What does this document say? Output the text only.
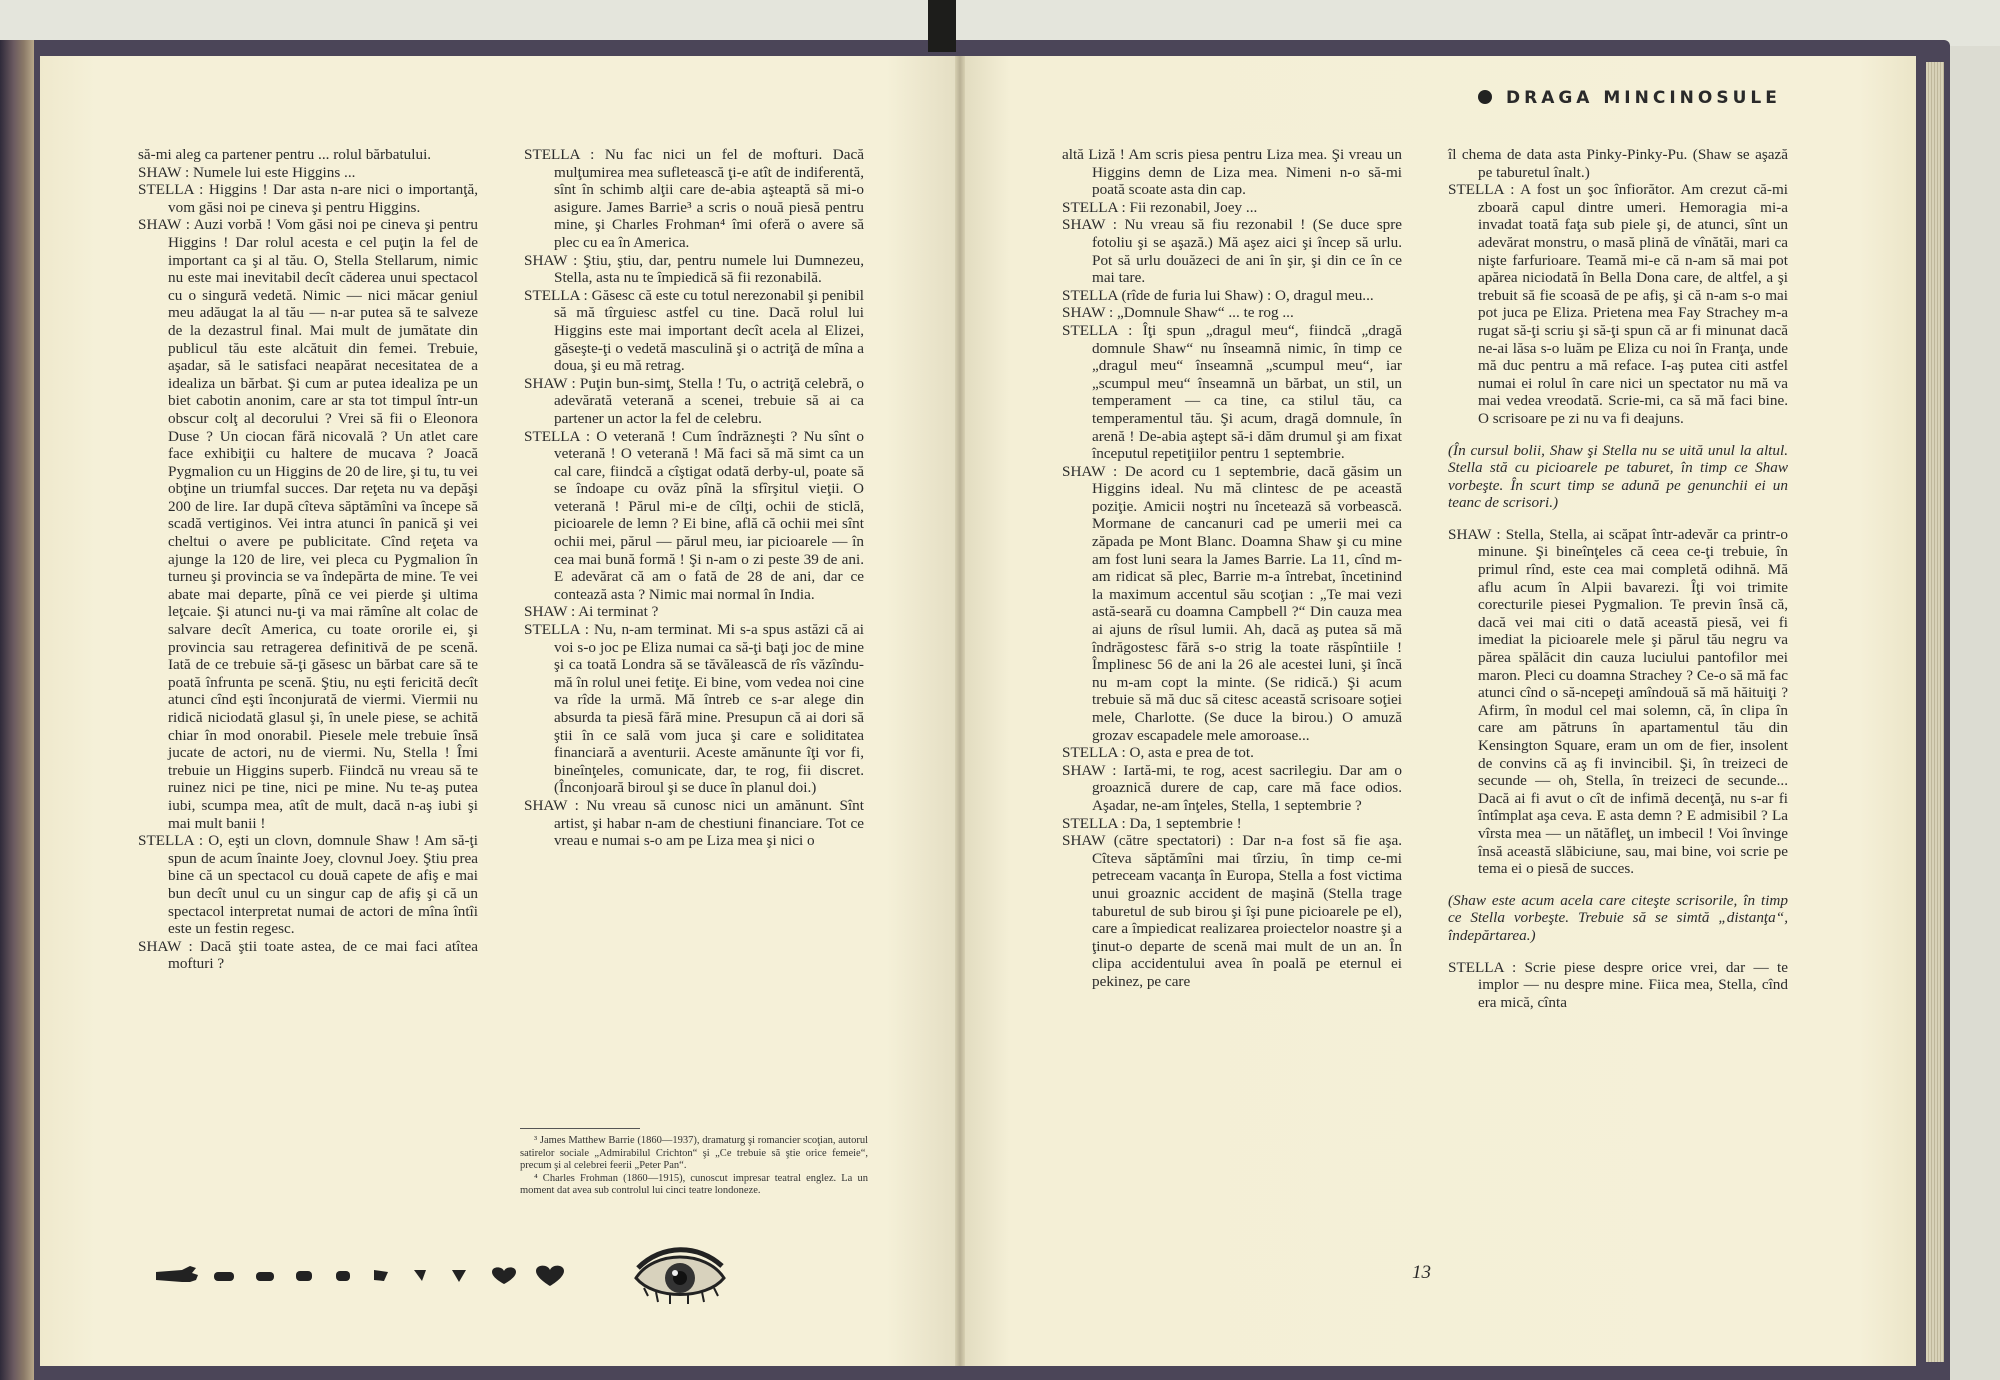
DRAGA MINCINOSULE

să-mi aleg ca partener pentru ... rolul bărbatului.

SHAW : Numele lui este Higgins ...

STELLA : Higgins ! Dar asta n-are nici o importanţă, vom găsi noi pe cineva şi pentru Higgins.

SHAW : Auzi vorbă ! Vom găsi noi pe cineva şi pentru Higgins ! Dar rolul acesta e cel puţin la fel de important ca şi al tău. O, Stella Stellarum, nimic nu este mai inevitabil decît căderea unui spectacol cu o singură vedetă. Nimic — nici măcar geniul meu adăugat la al tău — n-ar putea să te salveze de la dezastrul final. Mai mult de jumătate din publicul tău este alcătuit din femei. Trebuie, aşadar, să le satisfaci neapărat necesitatea de a idealiza un bărbat. Şi cum ar putea idealiza pe un biet cabotin anonim, care ar sta tot timpul într-un obscur colţ al decorului ? Vrei să fii o Eleonora Duse ? Un ciocan fără nicovală ? Un atlet care face exhibiţii cu haltere de mucava ? Joacă Pygmalion cu un Higgins de 20 de lire, şi tu, tu vei obţine un triumfal succes. Dar reţeta nu va depăşi 200 de lire. Iar după cîteva săptămîni va începe să scadă vertiginos. Vei intra atunci în panică şi vei cheltui o avere pe publicitate. Cînd reţeta va ajunge la 120 de lire, vei pleca cu Pygmalion în turneu şi provincia se va îndepărta de mine. Te vei abate mai departe, pînă ce vei pierde şi ultima leţcaie. Şi atunci nu-ţi va mai rămîne alt colac de salvare decît America, cu toate ororile ei, şi provincia sau retragerea definitivă de pe scenă. Iată de ce trebuie să-ţi găsesc un bărbat care să te poată înfrunta pe scenă. Ştiu, nu eşti fericită decît atunci cînd eşti înconjurată de viermi. Viermii nu ridică niciodată glasul şi, în unele piese, se achită chiar în mod onorabil. Piesele mele trebuie însă jucate de actori, nu de viermi. Nu, Stella ! Îmi trebuie un Higgins superb. Fiindcă nu vreau să te ruinez nici pe tine, nici pe mine. Nu te-aş putea iubi, scumpa mea, atît de mult, dacă n-aş iubi şi mai mult banii !

STELLA : O, eşti un clovn, domnule Shaw ! Am să-ţi spun de acum înainte Joey, clovnul Joey. Ştiu prea bine că un spectacol cu două capete de afiş e mai bun decît unul cu un singur cap de afiş şi că un spectacol interpretat numai de actori de mîna întîi este un festin regesc.

SHAW : Dacă ştii toate astea, de ce mai faci atîtea mofturi ?

STELLA : Nu fac nici un fel de mofturi. Dacă mulţumirea mea sufletească ţi-e atît de indiferentă, sînt în schimb alţii care de-abia aşteaptă să mi-o asigure. James Barrie³ a scris o nouă piesă pentru mine, şi Charles Frohman⁴ îmi oferă o avere să plec cu ea în America.

SHAW : Ştiu, ştiu, dar, pentru numele lui Dumnezeu, Stella, asta nu te împiedică să fii rezonabilă.

STELLA : Găsesc că este cu totul nerezonabil şi penibil să mă tîrguiesc astfel cu tine. Dacă rolul lui Higgins este mai important decît acela al Elizei, găseşte-ţi o vedetă masculină şi o actriţă de mîna a doua, şi eu mă retrag.

SHAW : Puţin bun-simţ, Stella ! Tu, o actriţă celebră, o adevărată veterană a scenei, trebuie să ai ca partener un actor la fel de celebru.

STELLA : O veterană ! Cum îndrăzneşti ? Nu sînt o veterană ! O veterană ! Mă faci să mă simt ca un cal care, fiindcă a cîştigat odată derby-ul, poate să se îndoape cu ovăz pînă la sfîrşitul vieţii. O veterană ! Părul mi-e de cîlţi, ochii de sticlă, picioarele de lemn ? Ei bine, află că ochii mei sînt ochii mei, părul — părul meu, iar picioarele — în cea mai bună formă ! Şi n-am o zi peste 39 de ani. E adevărat că am o fată de 28 de ani, dar ce contează asta ? Nimic mai normal în India.

SHAW : Ai terminat ?

STELLA : Nu, n-am terminat. Mi s-a spus astăzi că ai voi s-o joc pe Eliza numai ca să-ţi baţi joc de mine şi ca toată Londra să se tăvălească de rîs văzîndu-mă în rolul unei fetiţe. Ei bine, vom vedea noi cine va rîde la urmă. Mă întreb ce s-ar alege din absurda ta piesă fără mine. Presupun că ai dori să ştii în ce sală vom juca şi care e soliditatea financiară a aventurii. Aceste amănunte îţi vor fi, bineînţeles, comunicate, dar, te rog, fii discret. (Înconjoară biroul şi se duce în planul doi.)

SHAW : Nu vreau să cunosc nici un amănunt. Sînt artist, şi habar n-am de chestiuni financiare. Tot ce vreau e numai s-o am pe Liza mea şi nici o

³ James Matthew Barrie (1860—1937), dramaturg şi romancier scoţian, autorul satirelor sociale „Admirabilul Crichton“ şi „Ce trebuie să ştie orice femeie“, precum şi al celebrei feerii „Peter Pan“.

⁴ Charles Frohman (1860—1915), cunoscut impresar teatral englez. La un moment dat avea sub controlul lui cinci teatre londoneze.

altă Liză ! Am scris piesa pentru Liza mea. Şi vreau un Higgins demn de Liza mea. Nimeni n-o să-mi poată scoate asta din cap.

STELLA : Fii rezonabil, Joey ...

SHAW : Nu vreau să fiu rezonabil ! (Se duce spre fotoliu şi se aşază.) Mă aşez aici şi încep să urlu. Pot să urlu douăzeci de ani în şir, şi din ce în ce mai tare.

STELLA (rîde de furia lui Shaw) : O, dragul meu...

SHAW : „Domnule Shaw“ ... te rog ...

STELLA : Îţi spun „dragul meu“, fiindcă „dragă domnule Shaw“ nu înseamnă nimic, în timp ce „dragul meu“ înseamnă „scumpul meu“, iar „scumpul meu“ înseamnă un bărbat, un stil, un temperament — ca tine, ca stilul tău, ca temperamentul tău. Şi acum, dragă domnule, în arenă ! De-abia aştept să-i dăm drumul şi am fixat începutul repetiţiilor pentru 1 septembrie.

SHAW : De acord cu 1 septembrie, dacă găsim un Higgins ideal. Nu mă clintesc de pe această poziţie. Amicii noştri nu încetează să vorbească. Mormane de cancanuri cad pe umerii mei ca zăpada pe Mont Blanc. Doamna Shaw şi cu mine am fost luni seara la James Barrie. La 11, cînd m-am ridicat să plec, Barrie m-a întrebat, încetinind la maximum accentul său scoţian : „Te mai vezi astă-seară cu doamna Campbell ?“ Din cauza mea ai ajuns de rîsul lumii. Ah, dacă aş putea să mă îndrăgostesc fără s-o strig la toate răspîntiile ! Împlinesc 56 de ani la 26 ale acestei luni, şi încă nu m-am copt la minte. (Se ridică.) Şi acum trebuie să mă duc să citesc această scrisoare soţiei mele, Charlotte. (Se duce la birou.) O amuză grozav escapadele mele amoroase...

STELLA : O, asta e prea de tot.

SHAW : Iartă-mi, te rog, acest sacrilegiu. Dar am o groaznică durere de cap, care mă face odios. Aşadar, ne-am înţeles, Stella, 1 septembrie ?

STELLA : Da, 1 septembrie !

SHAW (către spectatori) : Dar n-a fost să fie aşa. Cîteva săptămîni mai tîrziu, în timp ce-mi petreceam vacanţa în Europa, Stella a fost victima unui groaznic accident de maşină (Stella trage taburetul de sub birou şi îşi pune picioarele pe el), care a împiedicat realizarea proiectelor noastre şi a ţinut-o departe de scenă mai mult de un an. În clipa accidentului avea în poală pe eternul ei pekinez, pe care

îl chema de data asta Pinky-Pinky-Pu. (Shaw se aşază pe taburetul înalt.)

STELLA : A fost un şoc înfiorător. Am crezut că-mi zboară capul dintre umeri. Hemoragia mi-a invadat toată faţa sub piele şi, de atunci, sînt un adevărat monstru, o masă plină de vînătăi, mari ca nişte farfurioare. Teamă mi-e că n-am să mai pot apărea niciodată în Bella Dona care, de altfel, a şi trebuit să fie scoasă de pe afiş, şi că n-am s-o mai pot juca pe Eliza. Prietena mea Fay Strachey m-a rugat să-ţi scriu şi să-ţi spun că ar fi minunat dacă ne-ai lăsa s-o luăm pe Eliza cu noi în Franţa, unde mă duc pentru a mă reface. I-aş putea citi astfel numai ei rolul în care nici un spectator nu mă va mai vedea vreodată. Scrie-mi, ca să mă faci bine. O scrisoare pe zi nu va fi deajuns.

(În cursul bolii, Shaw şi Stella nu se uită unul la altul. Stella stă cu picioarele pe taburet, în timp ce Shaw vorbeşte. În scurt timp se adună pe genunchii ei un teanc de scrisori.)

SHAW : Stella, Stella, ai scăpat într-adevăr ca printr-o minune. Şi bineînţeles că ceea ce-ţi trebuie, în primul rînd, este cea mai completă odihnă. Mă aflu acum în Alpii bavarezi. Îţi voi trimite corecturile piesei Pygmalion. Te previn însă că, dacă vei mai citi o dată această piesă, vei fi imediat la picioarele mele şi părul tău negru va părea spălăcit din cauza luciului pantofilor mei maron. Pleci cu doamna Strachey ? Ce-o să mă fac atunci cînd o să-ncepeţi amîndouă să mă hăituiţi ? Afirm, în modul cel mai solemn, că, în clipa în care am pătruns în apartamentul tău din Kensington Square, eram un om de fier, insolent de convins că aş fi invincibil. Şi, în treizeci de secunde — oh, Stella, în treizeci de secunde... Dacă ai fi avut o cît de infimă decenţă, nu s-ar fi întîmplat aşa ceva. E asta demn ? E admisibil ? La vîrsta mea — un nătăfleţ, un imbecil ! Voi învinge însă această slăbiciune, sau, mai bine, voi scrie pe tema ei o piesă de succes.

(Shaw este acum acela care citeşte scrisorile, în timp ce Stella vorbeşte. Trebuie să se simtă „distanţa“, îndepărtarea.)

STELLA : Scrie piese despre orice vrei, dar — te implor — nu despre mine. Fiica mea, Stella, cînd era mică, cînta

13
